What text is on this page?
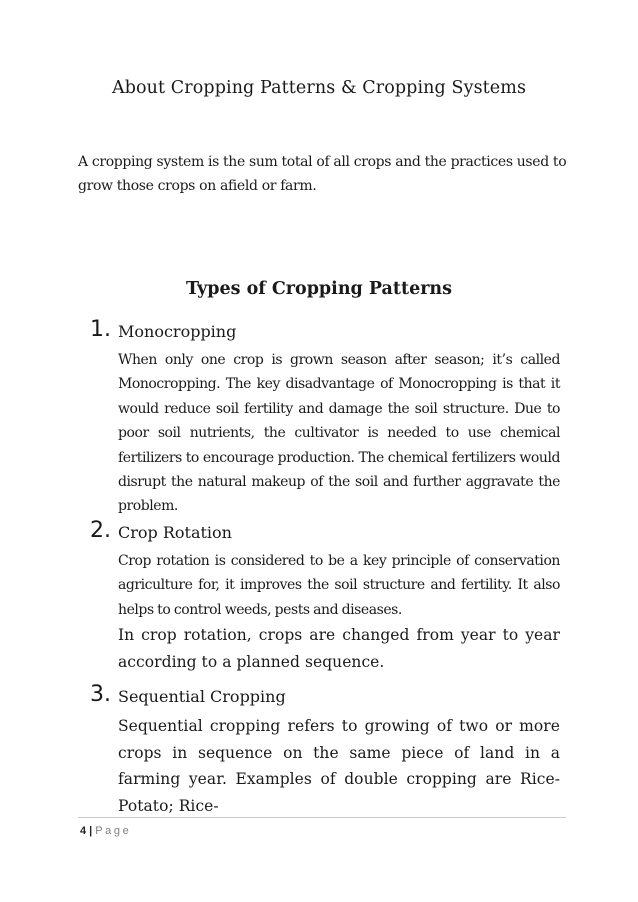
About Cropping Patterns & Cropping Systems
A cropping system is the sum total of all crops and the practices used to grow those crops on afield or farm.
Types of Cropping Patterns
1. Monocropping
When only one crop is grown season after season; it’s called Monocropping. The key disadvantage of Monocropping is that it would reduce soil fertility and damage the soil structure. Due to poor soil nutrients, the cultivator is needed to use chemical fertilizers to encourage production. The chemical fertilizers would disrupt the natural makeup of the soil and further aggravate the problem.
2. Crop Rotation
Crop rotation is considered to be a key principle of conservation agriculture for, it improves the soil structure and fertility. It also helps to control weeds, pests and diseases.
In crop rotation, crops are changed from year to year according to a planned sequence.
3. Sequential Cropping
Sequential cropping refers to growing of two or more crops in sequence on the same piece of land in a farming year. Examples of double cropping are Rice-Potato; Rice-
4 | Page
